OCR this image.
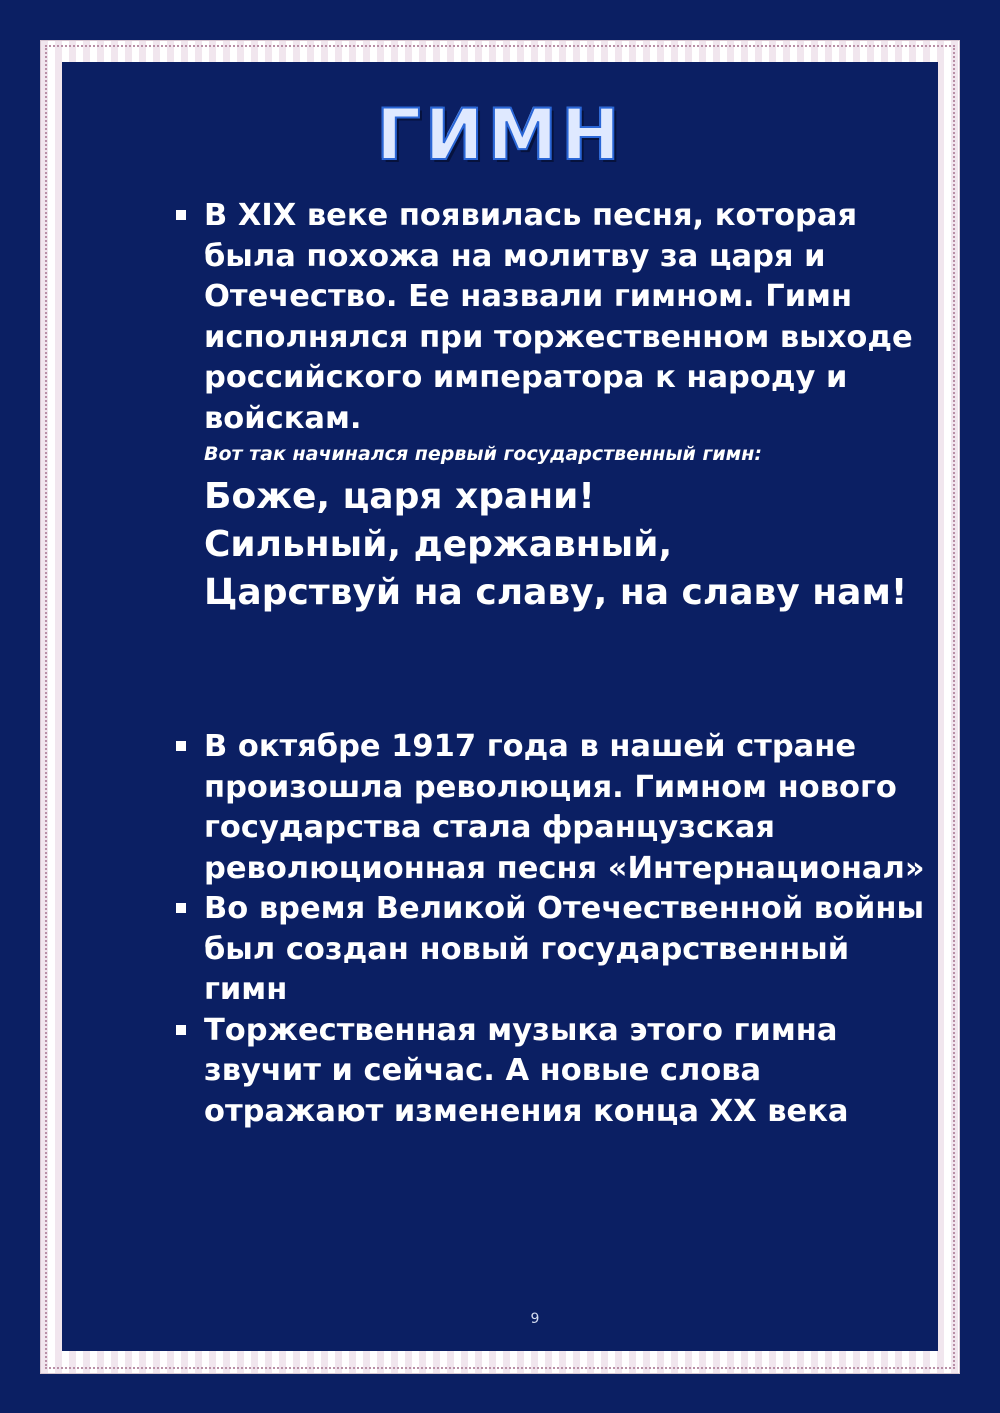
ГИМН
В XIX веке появилась песня, которая была похожа на молитву за царя и Отечество. Ее назвали гимном. Гимн исполнялся при торжественном выходе российского императора к народу и войскам.
Вот так начинался первый государственный гимн:
Боже, царя храни!
Сильный, державный,
Царствуй на славу, на славу нам!
В октябре 1917 года в нашей стране произошла революция. Гимном нового государства стала французская революционная песня «Интернационал»
Во время Великой Отечественной войны был создан новый государственный гимн
Торжественная музыка этого гимна звучит и сейчас. А новые слова отражают изменения конца XX века
9
